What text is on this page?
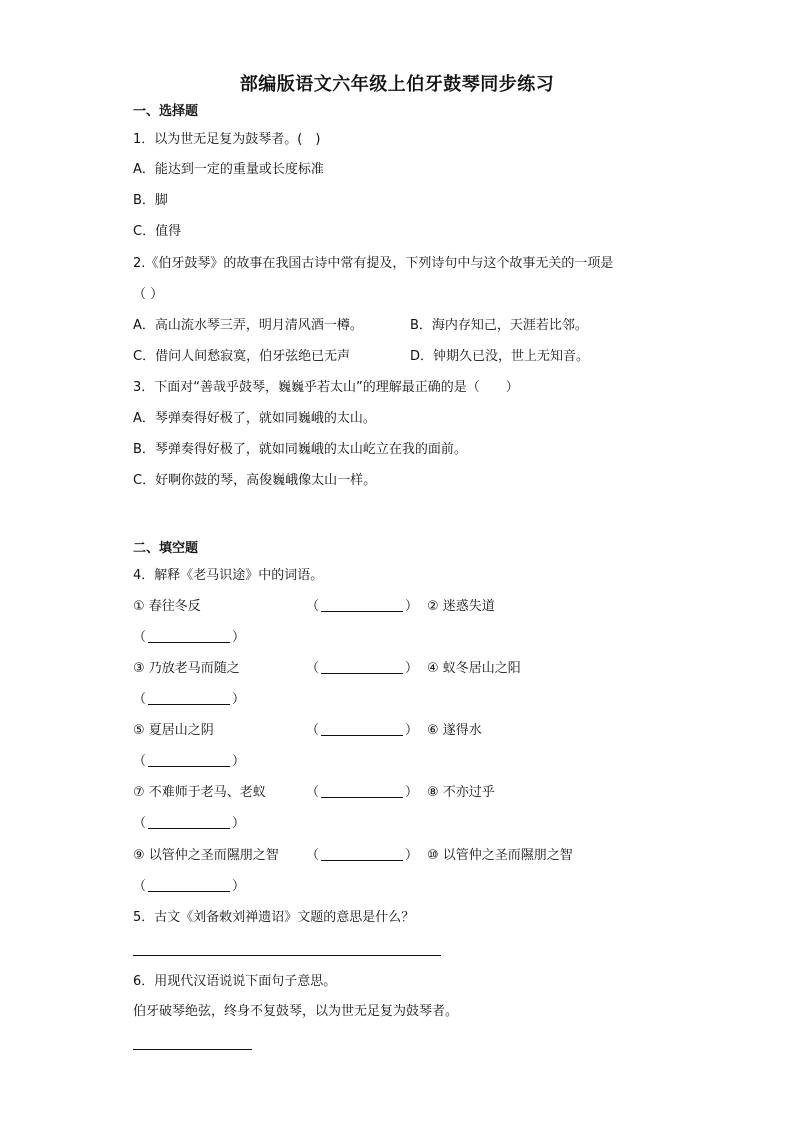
部编版语文六年级上伯牙鼓琴同步练习
一、选择题
1．以为世无足复为鼓琴者。(　)
A．能达到一定的重量或长度标准
B．脚
C．值得
2.《伯牙鼓琴》的故事在我国古诗中常有提及，下列诗句中与这个故事无关的一项是
（ ）
A．高山流水琴三弄，明月清风酒一樽。	B．海内存知己，天涯若比邻。
C．借问人间愁寂寞，伯牙弦绝已无声	D．钟期久已没，世上无知音。
3．下面对“善哉乎鼓琴，巍巍乎若太山”的理解最正确的是（　　）
A．琴弹奏得好极了，就如同巍峨的太山。
B．琴弹奏得好极了，就如同巍峨的太山屹立在我的面前。
C．好啊你鼓的琴，高俊巍峨像太山一样。
二、填空题
4．解释《老马识途》中的词语。
① 春往冬反	（	） ② 迷惑失道
（	）
③ 乃放老马而随之	（	） ④ 蚁冬居山之阳
（	）
⑤ 夏居山之阴	（	） ⑥ 遂得水
（	）
⑦ 不难师于老马、老蚁	（	） ⑧ 不亦过乎
（	）
⑨ 以管仲之圣而隰朋之智 （	） ⑩ 以管仲之圣而隰朋之智
（	）
5．古文《刘备敕刘禅遗诏》文题的意思是什么？
6．用现代汉语说说下面句子意思。
伯牙破琴绝弦，终身不复鼓琴，以为世无足复为鼓琴者。
